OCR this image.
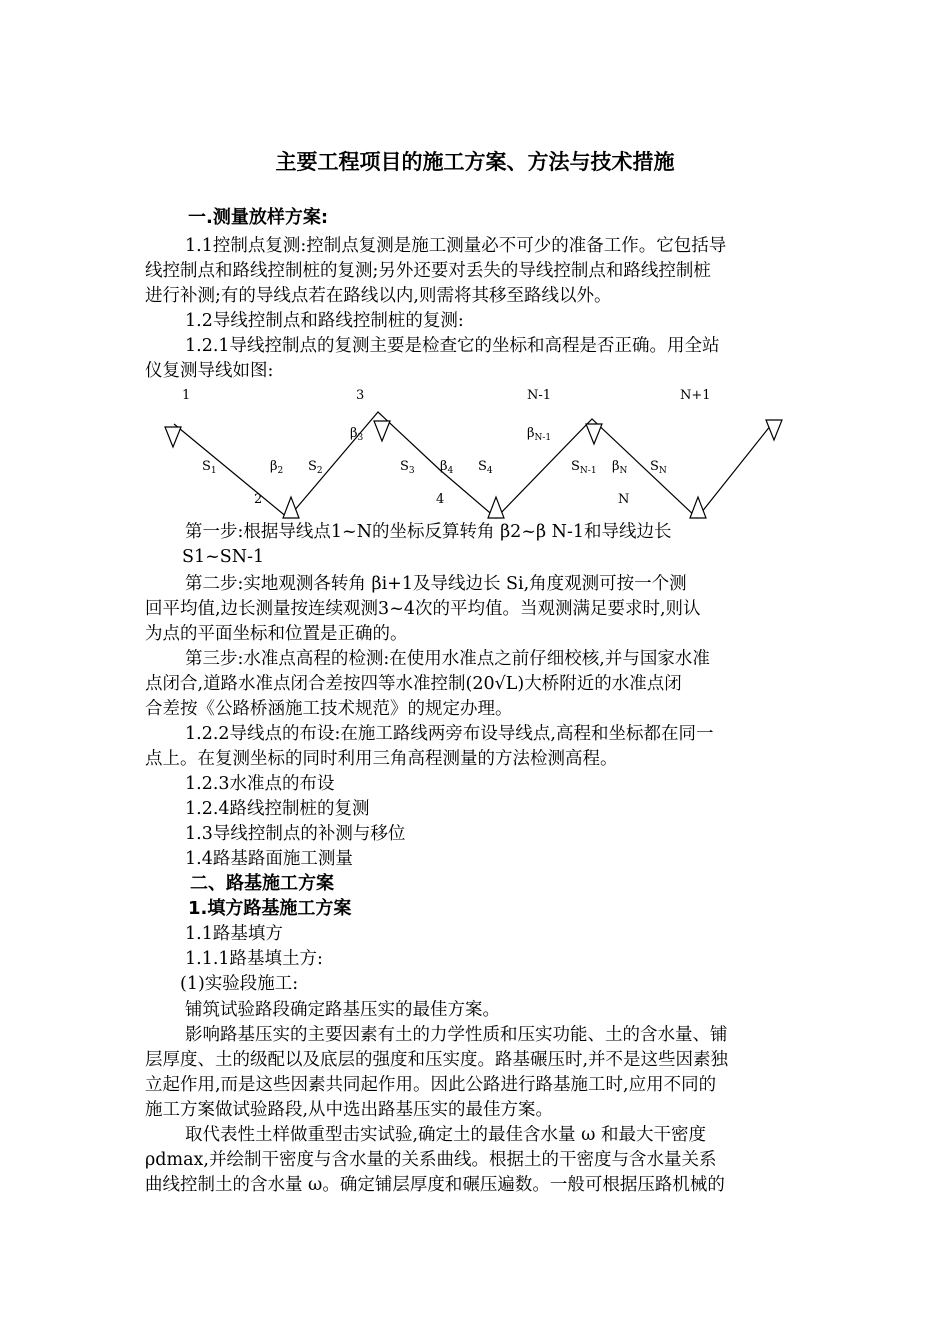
主要工程项目的施工方案、方法与技术措施
一.测量放样方案:
1.1控制点复测:控制点复测是施工测量必不可少的准备工作。它包括导
线控制点和路线控制桩的复测;另外还要对丢失的导线控制点和路线控制桩
进行补测;有的导线点若在路线以内,则需将其移至路线以外。
1.2导线控制点和路线控制桩的复测:
1.2.1导线控制点的复测主要是检查它的坐标和高程是否正确。用全站
仪复测导线如图:
1	3	N-1	N+1
$\beta_3$	$\beta_{N-1}$
$S_1$	$\beta_2$ $S_2$	$S_3$ $\beta_4$ $S_4$	$S_{N-1}$ $\beta_N$ $S_N$
2	4	N
第一步:根据导线点1~N的坐标反算转角 β2~β N-1和导线边长
S1~SN-1
第二步:实地观测各转角 βi+1及导线边长 Si,角度观测可按一个测
回平均值,边长测量按连续观测3~4次的平均值。当观测满足要求时,则认
为点的平面坐标和位置是正确的。
第三步:水准点高程的检测:在使用水准点之前仔细校核,并与国家水准
点闭合,道路水准点闭合差按四等水准控制(20√L)大桥附近的水准点闭
合差按《公路桥涵施工技术规范》的规定办理。
1.2.2导线点的布设:在施工路线两旁布设导线点,高程和坐标都在同一
点上。在复测坐标的同时利用三角高程测量的方法检测高程。
1.2.3水准点的布设
1.2.4路线控制桩的复测
1.3导线控制点的补测与移位
1.4路基路面施工测量
二、路基施工方案
1.填方路基施工方案
1.1路基填方
1.1.1路基填土方:
(1)实验段施工:
铺筑试验路段确定路基压实的最佳方案。
影响路基压实的主要因素有土的力学性质和压实功能、土的含水量、铺
层厚度、土的级配以及底层的强度和压实度。路基碾压时,并不是这些因素独
立起作用,而是这些因素共同起作用。因此公路进行路基施工时,应用不同的
施工方案做试验路段,从中选出路基压实的最佳方案。
取代表性土样做重型击实试验,确定土的最佳含水量 ω 和最大干密度
ρdmax,并绘制干密度与含水量的关系曲线。根据土的干密度与含水量关系
曲线控制土的含水量 ω。确定铺层厚度和碾压遍数。一般可根据压路机械的
